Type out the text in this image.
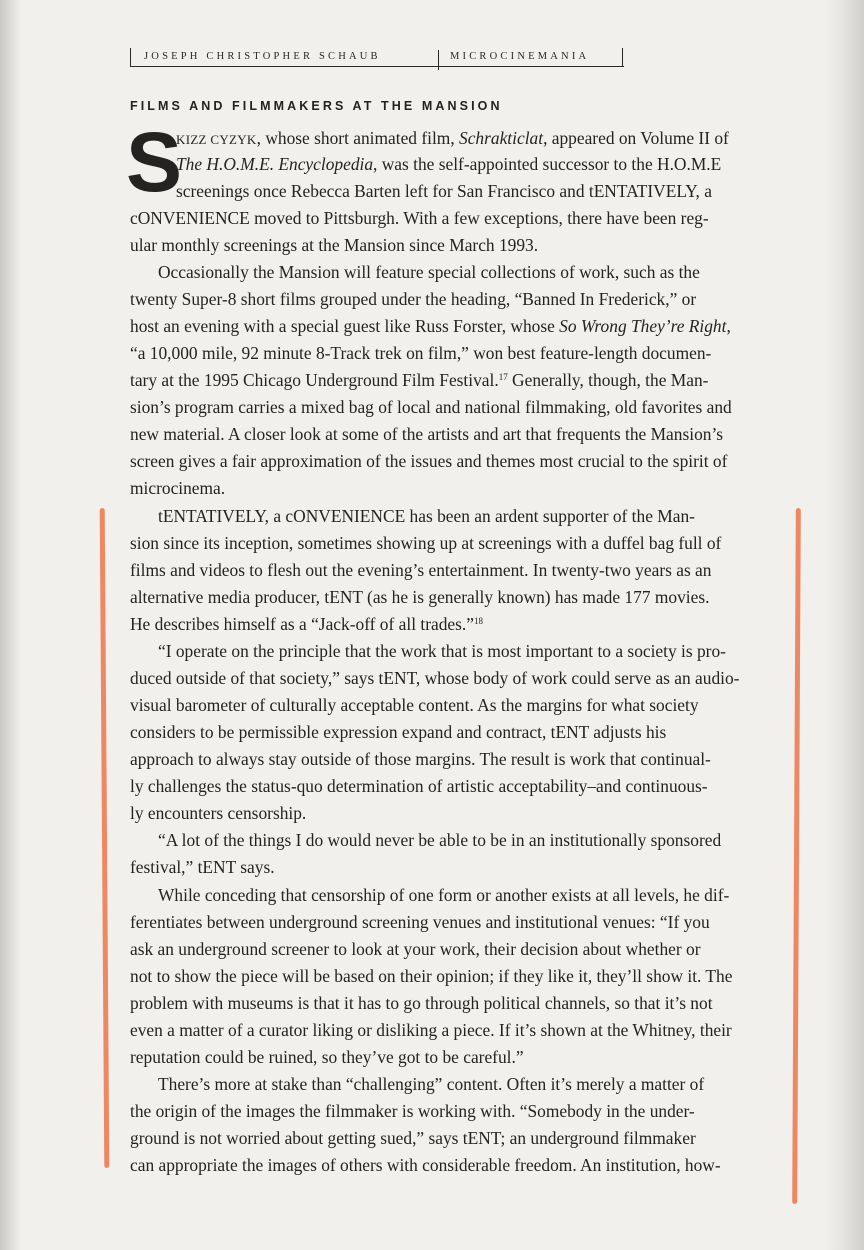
JOSEPH CHRISTOPHER SCHAUB	MICROCINEMANIA
FILMS AND FILMMAKERS AT THE MANSION
S
KIZZ CYZYK, whose short animated film, Schrakticlat, appeared on Volume II of
The H.O.M.E. Encyclopedia, was the self-appointed successor to the H.O.M.E
screenings once Rebecca Barten left for San Francisco and tENTATIVELY, a
cONVENIENCE moved to Pittsburgh. With a few exceptions, there have been reg-
ular monthly screenings at the Mansion since March 1993.
Occasionally the Mansion will feature special collections of work, such as the
twenty Super-8 short films grouped under the heading, “Banned In Frederick,” or
host an evening with a special guest like Russ Forster, whose So Wrong They’re Right,
“a 10,000 mile, 92 minute 8-Track trek on film,” won best feature-length documen-
tary at the 1995 Chicago Underground Film Festival.$^{17}$ Generally, though, the Man-
sion’s program carries a mixed bag of local and national filmmaking, old favorites and
new material. A closer look at some of the artists and art that frequents the Mansion’s
screen gives a fair approximation of the issues and themes most crucial to the spirit of
microcinema.
tENTATIVELY, a cONVENIENCE has been an ardent supporter of the Man-
sion since its inception, sometimes showing up at screenings with a duffel bag full of
films and videos to flesh out the evening’s entertainment. In twenty-two years as an
alternative media producer, tENT (as he is generally known) has made 177 movies.
He describes himself as a “Jack-off of all trades.”$^{18}$
“I operate on the principle that the work that is most important to a society is pro-
duced outside of that society,” says tENT, whose body of work could serve as an audio-
visual barometer of culturally acceptable content. As the margins for what society
considers to be permissible expression expand and contract, tENT adjusts his
approach to always stay outside of those margins. The result is work that continual-
ly challenges the status-quo determination of artistic acceptability–and continuous-
ly encounters censorship.
“A lot of the things I do would never be able to be in an institutionally sponsored
festival,” tENT says.
While conceding that censorship of one form or another exists at all levels, he dif-
ferentiates between underground screening venues and institutional venues: “If you
ask an underground screener to look at your work, their decision about whether or
not to show the piece will be based on their opinion; if they like it, they’ll show it. The
problem with museums is that it has to go through political channels, so that it’s not
even a matter of a curator liking or disliking a piece. If it’s shown at the Whitney, their
reputation could be ruined, so they’ve got to be careful.”
There’s more at stake than “challenging” content. Often it’s merely a matter of
the origin of the images the filmmaker is working with. “Somebody in the under-
ground is not worried about getting sued,” says tENT; an underground filmmaker
can appropriate the images of others with considerable freedom. An institution, how-
